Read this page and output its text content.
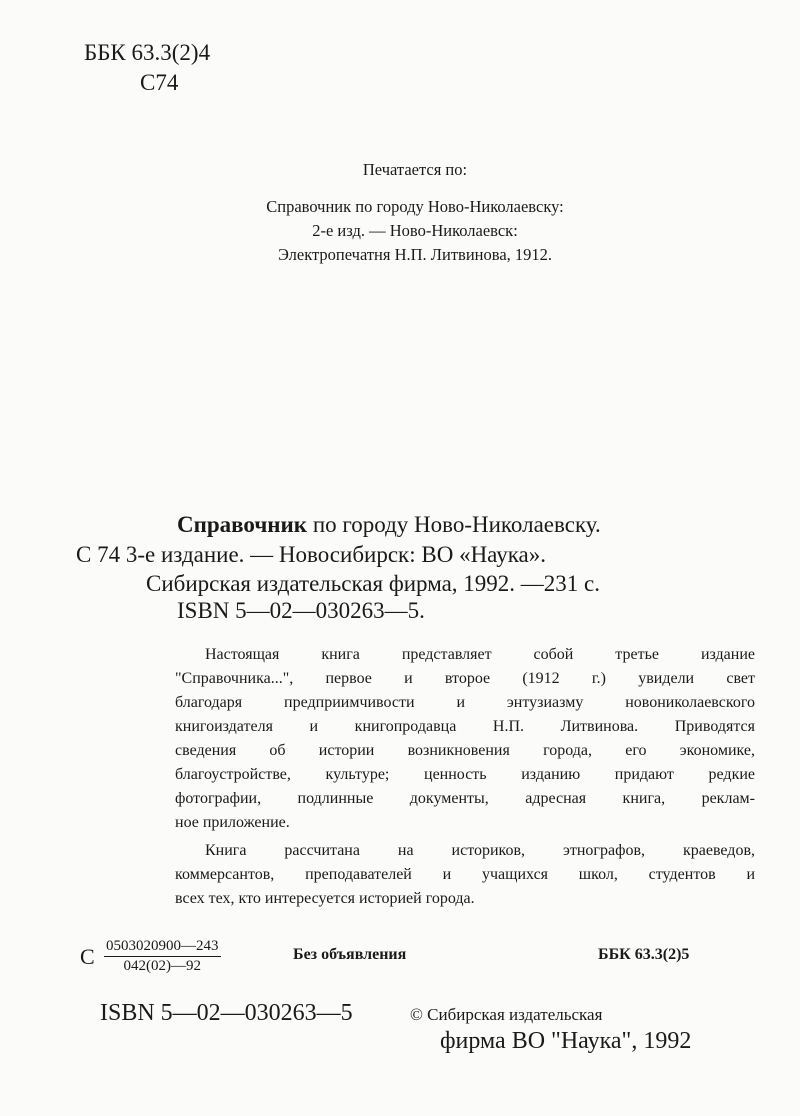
ББК 63.3(2)4
С74
Печатается по:
Справочник по городу Ново-Николаевску:
2-е изд. — Ново-Николаевск:
Электропечатня Н.П. Литвинова, 1912.
Справочник по городу Ново-Николаевску.
С 74 3-е издание. — Новосибирск: ВО «Наука».
Сибирская издательская фирма, 1992. —231 с.
ISBN 5—02—030263—5.
Настоящая книга представляет собой третье издание
"Справочника...", первое и второе (1912 г.) увидели свет
благодаря предприимчивости и энтузиазму новониколаевского
книгоиздателя и книгопродавца Н.П. Литвинова. Приводятся
сведения об истории возникновения города, его экономике,
благоустройстве, культуре; ценность изданию придают редкие
фотографии, подлинные документы, адресная книга, реклам-
ное приложение.
Книга рассчитана на историков, этнографов, краеведов,
коммерсантов, преподавателей и учащихся школ, студентов и
всех тех, кто интересуется историей города.
С $\frac{0503020900—243}{042(02)—92}$	Без объявления	ББК 63.3(2)5
ISBN 5—02—030263—5	© Сибирская издательская
фирма ВО "Наука", 1992
